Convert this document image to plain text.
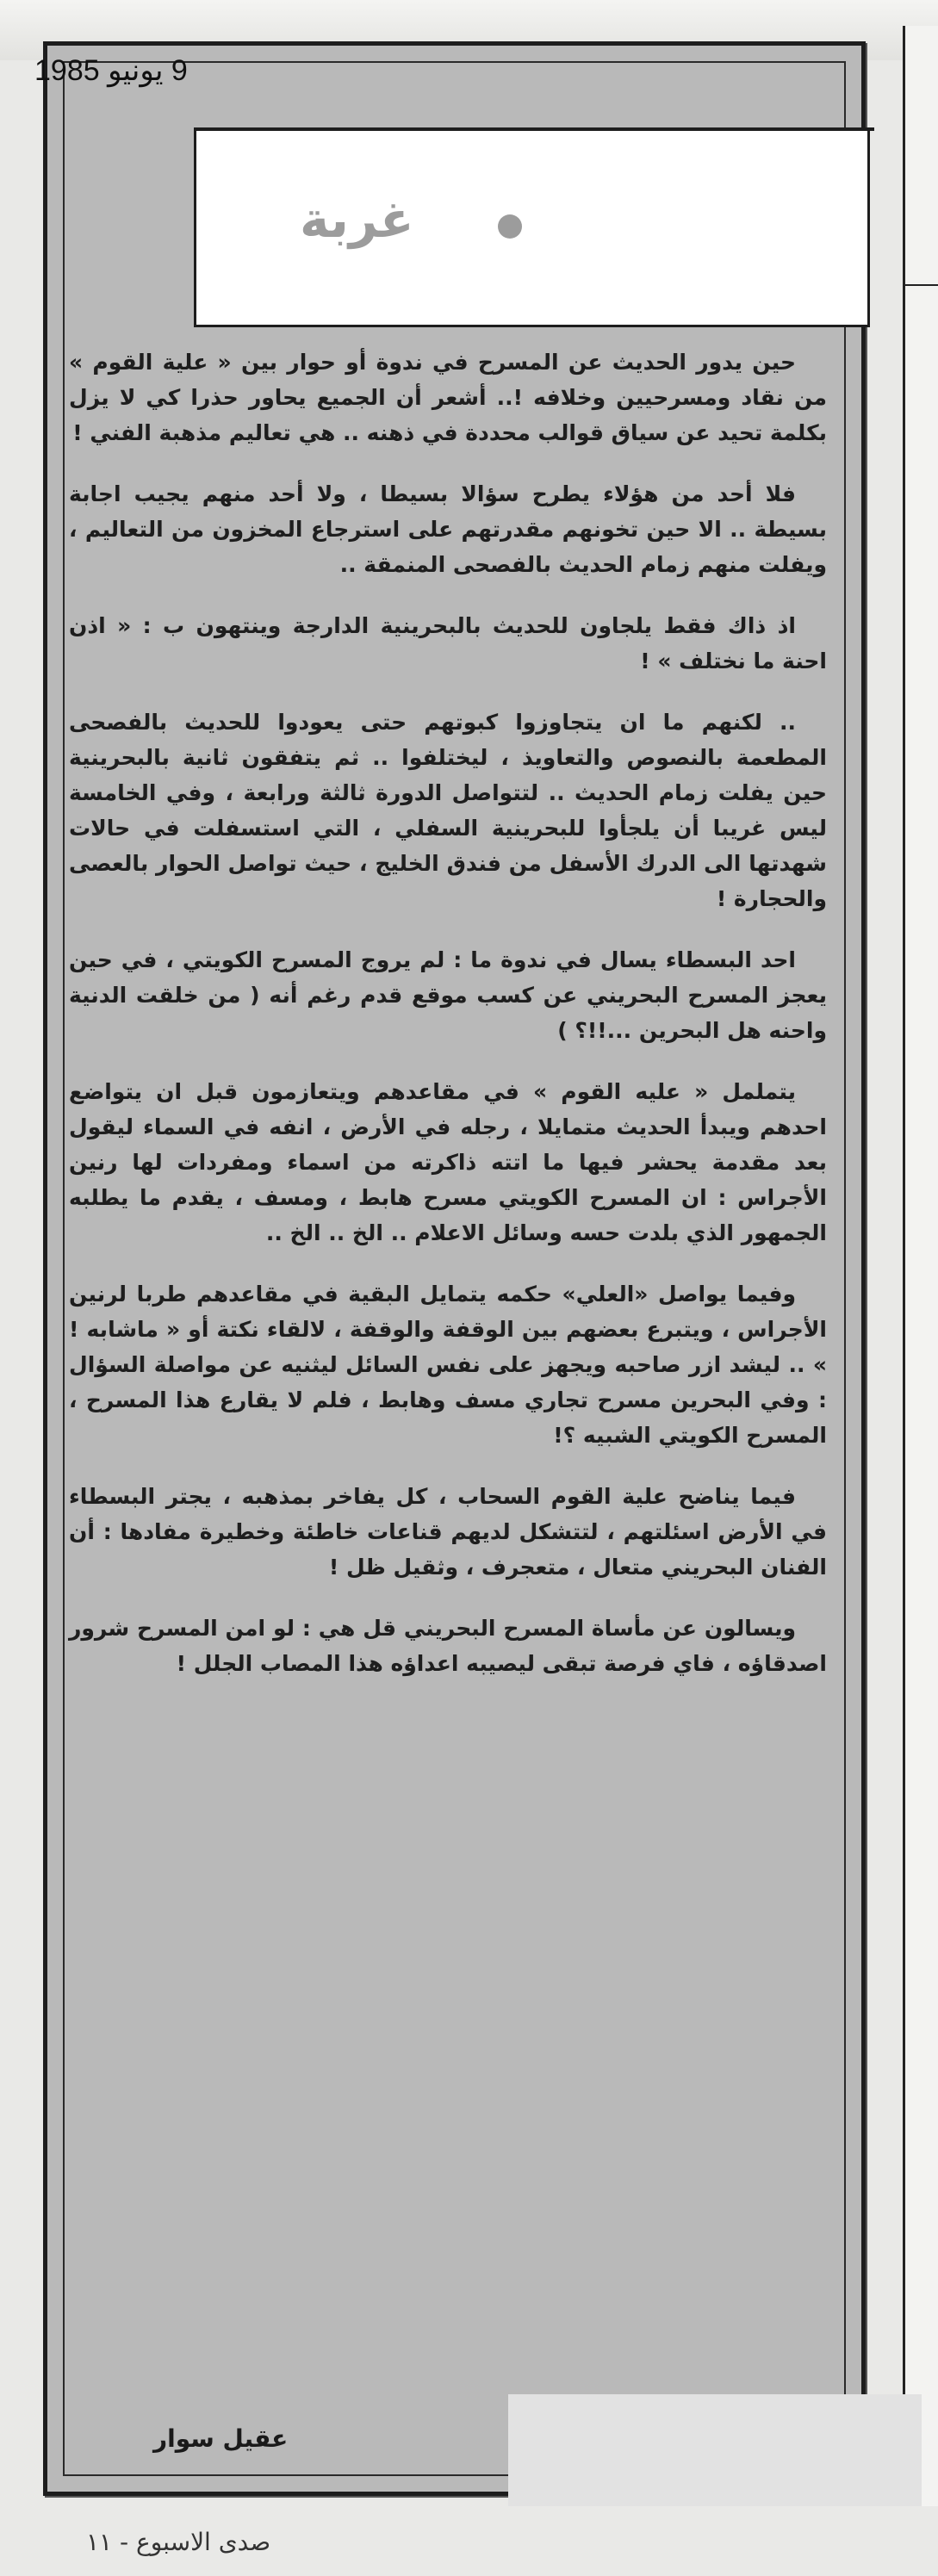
9 يونيو 1985
غربة

حين يدور الحديث عن المسرح في ندوة أو حوار بين « علية القوم » من نقاد ومسرحيين وخلافه !.. أشعر أن الجميع يحاور حذرا كي لا يزل بكلمة تحيد عن سياق قوالب محددة في ذهنه .. هي تعاليم مذهبة الفني !

فلا أحد من هؤلاء يطرح سؤالا بسيطا ، ولا أحد منهم يجيب اجابة بسيطة .. الا حين تخونهم مقدرتهم على استرجاع المخزون من التعاليم ، ويفلت منهم زمام الحديث بالفصحى المنمقة ..

اذ ذاك فقط يلجاون للحديث بالبحرينية الدارجة وينتهون ب : « اذن احنة ما نختلف » !

.. لكنهم ما ان يتجاوزوا كبوتهم حتى يعودوا للحديث بالفصحى المطعمة بالنصوص والتعاويذ ، ليختلفوا .. ثم يتفقون ثانية بالبحرينية حين يفلت زمام الحديث .. لتتواصل الدورة ثالثة ورابعة ، وفي الخامسة ليس غريبا أن يلجأوا للبحرينية السفلي ، التي استسفلت في حالات شهدتها الى الدرك الأسفل من فندق الخليج ، حيث تواصل الحوار بالعصى والحجارة !

احد البسطاء يسال في ندوة ما : لم يروج المسرح الكويتي ، في حين يعجز المسرح البحريني عن كسب موقع قدم رغم أنه ( من خلقت الدنية واحنه هل البحرين ...!!؟ )

يتململ « عليه القوم » في مقاعدهم ويتعازمون قبل ان يتواضع احدهم ويبدأ الحديث متمايلا ، رجله في الأرض ، انفه في السماء ليقول بعد مقدمة يحشر فيها ما اتته ذاكرته من اسماء ومفردات لها رنين الأجراس : ان المسرح الكويتي مسرح هابط ، ومسف ، يقدم ما يطلبه الجمهور الذي بلدت حسه وسائل الاعلام .. الخ .. الخ ..

وفيما يواصل «العلي» حكمه يتمايل البقية في مقاعدهم طربا لرنين الأجراس ، ويتبرع بعضهم بين الوقفة والوقفة ، لالقاء نكتة أو « ماشابه ! » .. ليشد ازر صاحبه ويجهز على نفس السائل ليثنيه عن مواصلة السؤال : وفي البحرين مسرح تجاري مسف وهابط ، فلم لا يقارع هذا المسرح ، المسرح الكويتي الشبيه ؟!

فيما يناضح علية القوم السحاب ، كل يفاخر بمذهبه ، يجتر البسطاء في الأرض اسئلتهم ، لتتشكل لديهم قناعات خاطئة وخطيرة مفادها : أن الفنان البحريني متعال ، متعجرف ، وثقيل ظل !

ويسالون عن مأساة المسرح البحريني قل هي : لو امن المسرح شرور اصدقاؤه ، فاي فرصة تبقى ليصيبه اعداؤه هذا المصاب الجلل !

عقيل سوار
صدى الاسبوع - ١١
